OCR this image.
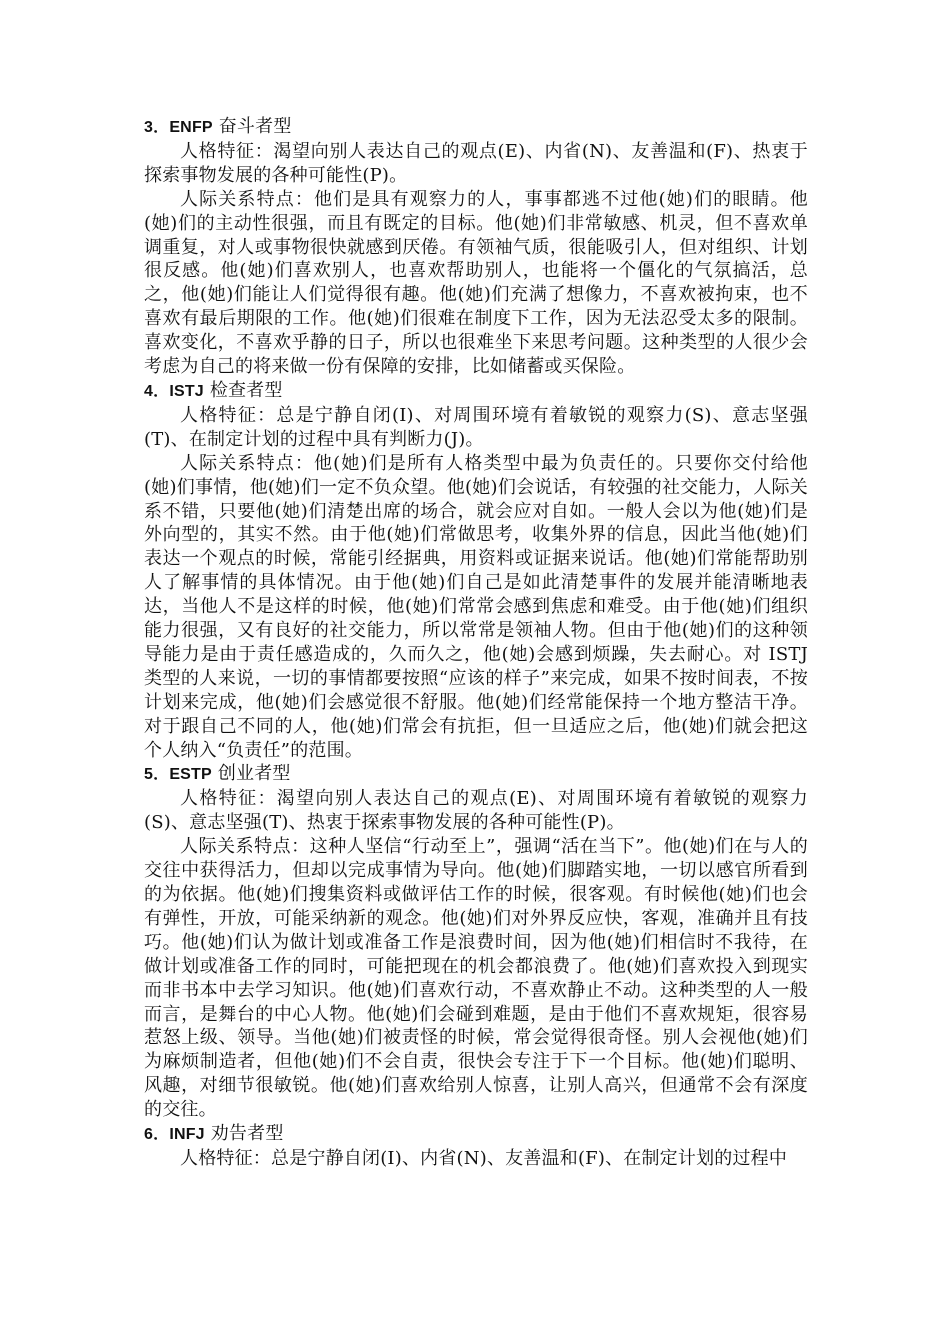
3．ENFP 奋斗者型

人格特征：渴望向别人表达自己的观点(E)、内省(N)、友善温和(F)、热衷于探索事物发展的各种可能性(P)。

人际关系特点：他们是具有观察力的人，事事都逃不过他(她)们的眼睛。他(她)们的主动性很强，而且有既定的目标。他(她)们非常敏感、机灵，但不喜欢单调重复，对人或事物很快就感到厌倦。有领袖气质，很能吸引人，但对组织、计划很反感。他(她)们喜欢别人，也喜欢帮助别人，也能将一个僵化的气氛搞活，总之，他(她)们能让人们觉得很有趣。他(她)们充满了想像力，不喜欢被拘束，也不喜欢有最后期限的工作。他(她)们很难在制度下工作，因为无法忍受太多的限制。喜欢变化，不喜欢乎静的日子，所以也很难坐下来思考问题。这种类型的人很少会考虑为自己的将来做一份有保障的安排，比如储蓄或买保险。

4．ISTJ 检查者型

人格特征：总是宁静自闭(I)、对周围环境有着敏锐的观察力(S)、意志坚强(T)、在制定计划的过程中具有判断力(J)。

人际关系特点：他(她)们是所有人格类型中最为负责任的。只要你交付给他(她)们事情，他(她)们一定不负众望。他(她)们会说话，有较强的社交能力，人际关系不错，只要他(她)们清楚出席的场合，就会应对自如。一般人会以为他(她)们是外向型的，其实不然。由于他(她)们常做思考，收集外界的信息，因此当他(她)们表达一个观点的时候，常能引经据典，用资料或证据来说话。他(她)们常能帮助别人了解事情的具体情况。由于他(她)们自己是如此清楚事件的发展并能清晰地表达，当他人不是这样的时候，他(她)们常常会感到焦虑和难受。由于他(她)们组织能力很强，又有良好的社交能力，所以常常是领袖人物。但由于他(她)们的这种领导能力是由于责任感造成的，久而久之，他(她)会感到烦躁，失去耐心。对 ISTJ 类型的人来说，一切的事情都要按照“应该的样子”来完成，如果不按时间表，不按计划来完成，他(她)们会感觉很不舒服。他(她)们经常能保持一个地方整洁干净。对于跟自己不同的人，他(她)们常会有抗拒，但一旦适应之后，他(她)们就会把这个人纳入“负责任”的范围。

5．ESTP 创业者型

人格特征：渴望向别人表达自己的观点(E)、对周围环境有着敏锐的观察力(S)、意志坚强(T)、热衷于探索事物发展的各种可能性(P)。

人际关系特点：这种人坚信“行动至上”，强调“活在当下”。他(她)们在与人的交往中获得活力，但却以完成事情为导向。他(她)们脚踏实地，一切以感官所看到的为依据。他(她)们搜集资料或做评估工作的时候，很客观。有时候他(她)们也会有弹性，开放，可能采纳新的观念。他(她)们对外界反应快，客观，准确并且有技巧。他(她)们认为做计划或准备工作是浪费时间，因为他(她)们相信时不我待，在做计划或准备工作的同时，可能把现在的机会都浪费了。他(她)们喜欢投入到现实而非书本中去学习知识。他(她)们喜欢行动，不喜欢静止不动。这种类型的人一般而言，是舞台的中心人物。他(她)们会碰到难题，是由于他们不喜欢规矩，很容易惹怒上级、领导。当他(她)们被责怪的时候，常会觉得很奇怪。别人会视他(她)们为麻烦制造者，但他(她)们不会自责，很快会专注于下一个目标。他(她)们聪明、风趣，对细节很敏锐。他(她)们喜欢给别人惊喜，让别人高兴，但通常不会有深度的交往。

6．INFJ 劝告者型

人格特征：总是宁静自闭(I)、内省(N)、友善温和(F)、在制定计划的过程中
